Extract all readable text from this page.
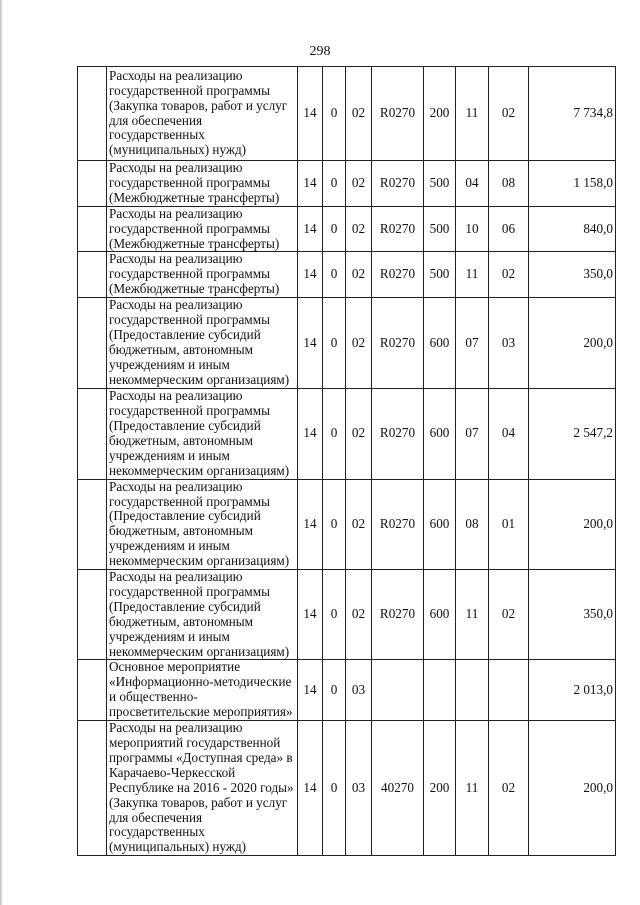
298
	Расходы на реализацию государственной программы (Закупка товаров, работ и услуг для обеспечения государственных (муниципальных) нужд)	14	0	02	R0270	200	11	02	7 734,8
	Расходы на реализацию государственной программы (Межбюджетные трансферты)	14	0	02	R0270	500	04	08	1 158,0
	Расходы на реализацию государственной программы (Межбюджетные трансферты)	14	0	02	R0270	500	10	06	840,0
	Расходы на реализацию государственной программы (Межбюджетные трансферты)	14	0	02	R0270	500	11	02	350,0
	Расходы на реализацию государственной программы (Предоставление субсидий бюджетным, автономным учреждениям и иным некоммерческим организациям)	14	0	02	R0270	600	07	03	200,0
	Расходы на реализацию государственной программы (Предоставление субсидий бюджетным, автономным учреждениям и иным некоммерческим организациям)	14	0	02	R0270	600	07	04	2 547,2
	Расходы на реализацию государственной программы (Предоставление субсидий бюджетным, автономным учреждениям и иным некоммерческим организациям)	14	0	02	R0270	600	08	01	200,0
	Расходы на реализацию государственной программы (Предоставление субсидий бюджетным, автономным учреждениям и иным некоммерческим организациям)	14	0	02	R0270	600	11	02	350,0
	Основное мероприятие «Информационно-методические и общественно-просветительские мероприятия»	14	0	03					2 013,0
	Расходы на реализацию мероприятий государственной программы «Доступная среда» в Карачаево-Черкесской Республике на 2016 - 2020 годы» (Закупка товаров, работ и услуг для обеспечения государственных (муниципальных) нужд)	14	0	03	40270	200	11	02	200,0
